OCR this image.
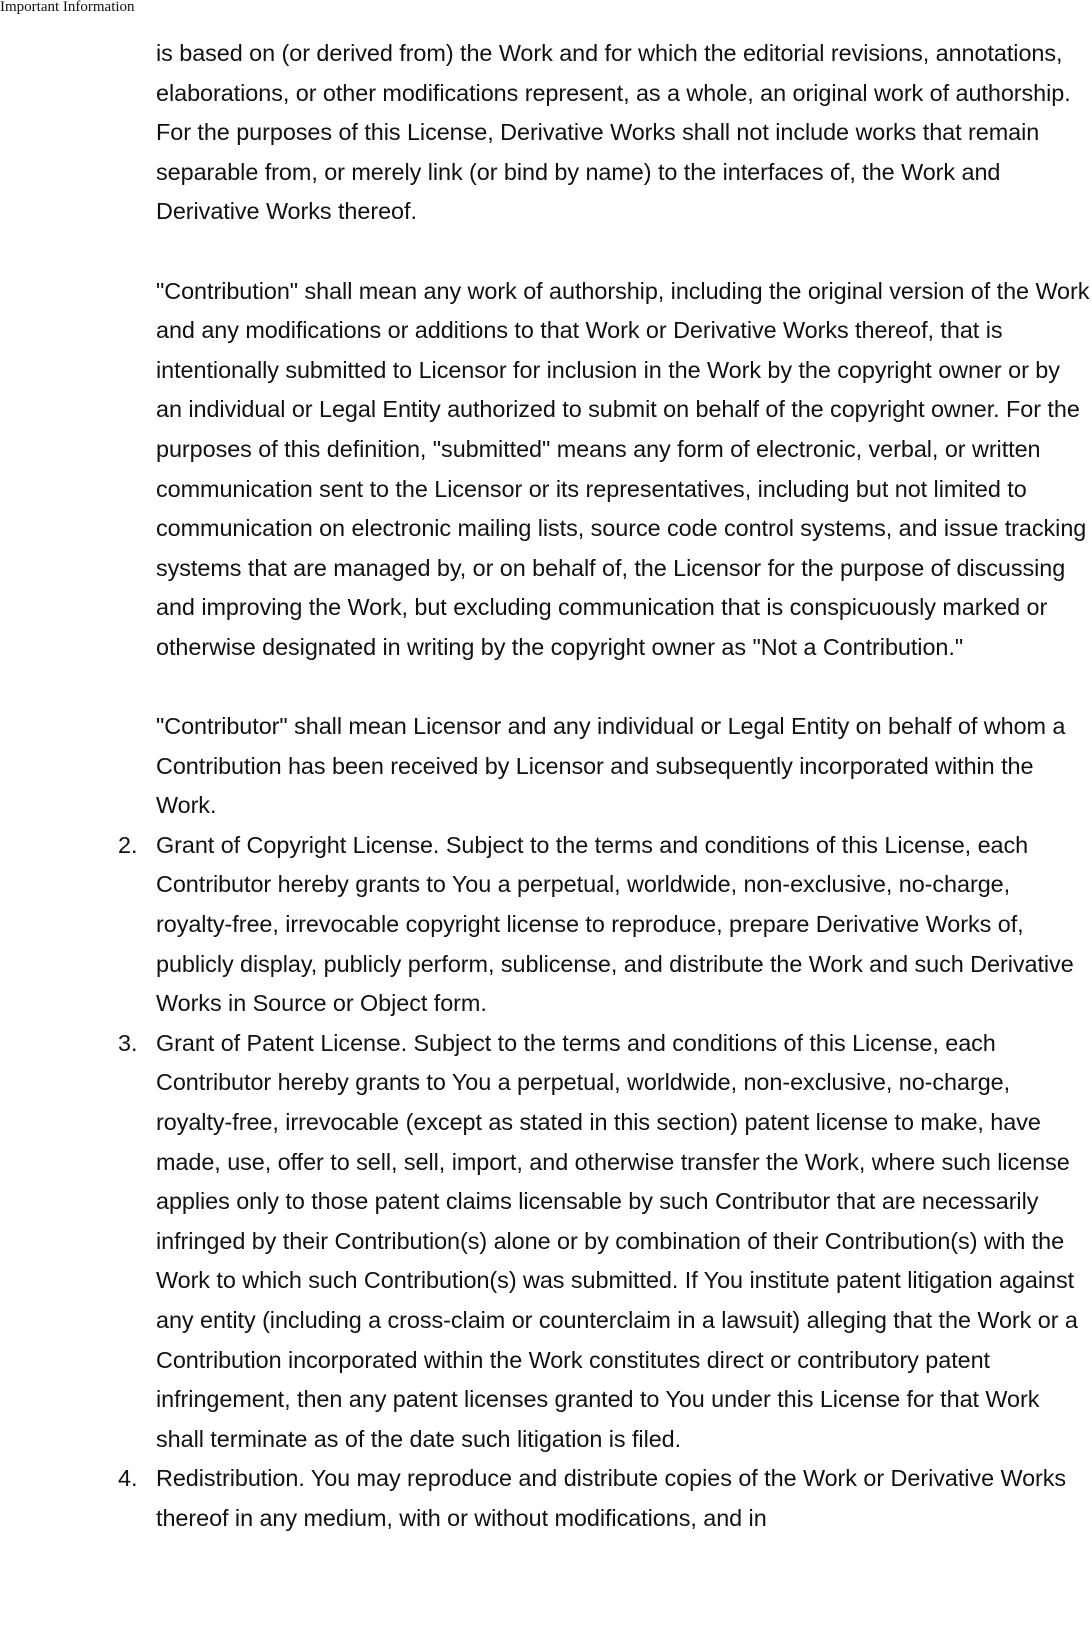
Important Information

is based on (or derived from) the Work and for which the editorial revisions, annotations, elaborations, or other modifications represent, as a whole, an original work of authorship. For the purposes of this License, Derivative Works shall not include works that remain separable from, or merely link (or bind by name) to the interfaces of, the Work and Derivative Works thereof.

"Contribution" shall mean any work of authorship, including the original version of the Work and any modifications or additions to that Work or Derivative Works thereof, that is intentionally submitted to Licensor for inclusion in the Work by the copyright owner or by an individual or Legal Entity authorized to submit on behalf of the copyright owner. For the purposes of this definition, "submitted" means any form of electronic, verbal, or written communication sent to the Licensor or its representatives, including but not limited to communication on electronic mailing lists, source code control systems, and issue tracking systems that are managed by, or on behalf of, the Licensor for the purpose of discussing and improving the Work, but excluding communication that is conspicuously marked or otherwise designated in writing by the copyright owner as "Not a Contribution."

"Contributor" shall mean Licensor and any individual or Legal Entity on behalf of whom a Contribution has been received by Licensor and subsequently incorporated within the Work.

2. Grant of Copyright License. Subject to the terms and conditions of this License, each Contributor hereby grants to You a perpetual, worldwide, non-exclusive, no-charge, royalty-free, irrevocable copyright license to reproduce, prepare Derivative Works of, publicly display, publicly perform, sublicense, and distribute the Work and such Derivative Works in Source or Object form.
3. Grant of Patent License. Subject to the terms and conditions of this License, each Contributor hereby grants to You a perpetual, worldwide, non-exclusive, no-charge, royalty-free, irrevocable (except as stated in this section) patent license to make, have made, use, offer to sell, sell, import, and otherwise transfer the Work, where such license applies only to those patent claims licensable by such Contributor that are necessarily infringed by their Contribution(s) alone or by combination of their Contribution(s) with the Work to which such Contribution(s) was submitted. If You institute patent litigation against any entity (including a cross-claim or counterclaim in a lawsuit) alleging that the Work or a Contribution incorporated within the Work constitutes direct or contributory patent infringement, then any patent licenses granted to You under this License for that Work shall terminate as of the date such litigation is filed.
4. Redistribution. You may reproduce and distribute copies of the Work or Derivative Works thereof in any medium, with or without modifications, and in
